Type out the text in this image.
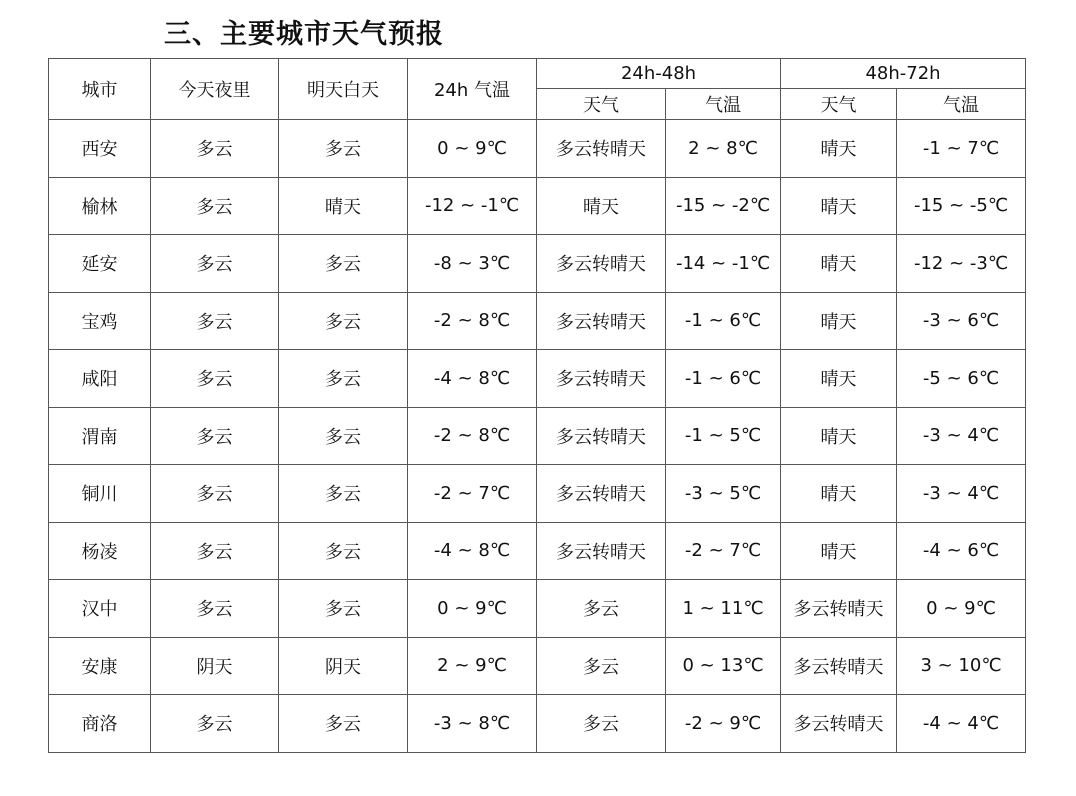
三、主要城市天气预报
城市	今天夜里	明天白天	24h 气温	24h-48h		48h-72h	
				天气	气温	天气	气温
西安	多云	多云	0 ~ 9℃	多云转晴天	2 ~ 8℃	晴天	-1 ~ 7℃
榆林	多云	晴天	-12 ~ -1℃	晴天	-15 ~ -2℃	晴天	-15 ~ -5℃
延安	多云	多云	-8 ~ 3℃	多云转晴天	-14 ~ -1℃	晴天	-12 ~ -3℃
宝鸡	多云	多云	-2 ~ 8℃	多云转晴天	-1 ~ 6℃	晴天	-3 ~ 6℃
咸阳	多云	多云	-4 ~ 8℃	多云转晴天	-1 ~ 6℃	晴天	-5 ~ 6℃
渭南	多云	多云	-2 ~ 8℃	多云转晴天	-1 ~ 5℃	晴天	-3 ~ 4℃
铜川	多云	多云	-2 ~ 7℃	多云转晴天	-3 ~ 5℃	晴天	-3 ~ 4℃
杨凌	多云	多云	-4 ~ 8℃	多云转晴天	-2 ~ 7℃	晴天	-4 ~ 6℃
汉中	多云	多云	0 ~ 9℃	多云	1 ~ 11℃	多云转晴天	0 ~ 9℃
安康	阴天	阴天	2 ~ 9℃	多云	0 ~ 13℃	多云转晴天	3 ~ 10℃
商洛	多云	多云	-3 ~ 8℃	多云	-2 ~ 9℃	多云转晴天	-4 ~ 4℃
